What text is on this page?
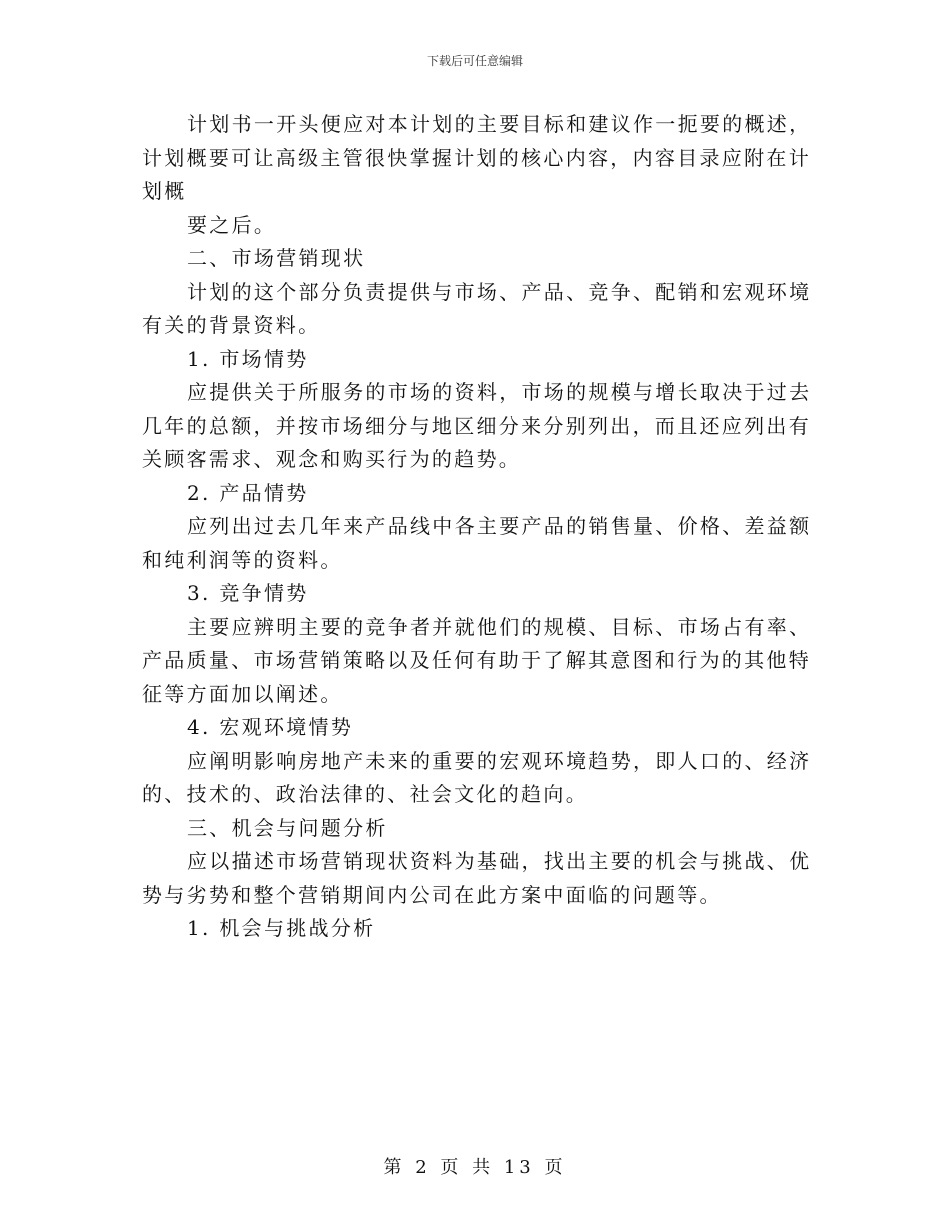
下载后可任意编辑
计划书一开头便应对本计划的主要目标和建议作一扼要的概述，
计划概要可让高级主管很快掌握计划的核心内容，内容目录应附在计
划概
要之后。
二、市场营销现状
计划的这个部分负责提供与市场、产品、竞争、配销和宏观环境
有关的背景资料。
1. 市场情势
应提供关于所服务的市场的资料，市场的规模与增长取决于过去
几年的总额，并按市场细分与地区细分来分别列出，而且还应列出有
关顾客需求、观念和购买行为的趋势。
2. 产品情势
应列出过去几年来产品线中各主要产品的销售量、价格、差益额
和纯利润等的资料。
3. 竞争情势
主要应辨明主要的竞争者并就他们的规模、目标、市场占有率、
产品质量、市场营销策略以及任何有助于了解其意图和行为的其他特
征等方面加以阐述。
4. 宏观环境情势
应阐明影响房地产未来的重要的宏观环境趋势，即人口的、经济
的、技术的、政治法律的、社会文化的趋向。
三、机会与问题分析
应以描述市场营销现状资料为基础，找出主要的机会与挑战、优
势与劣势和整个营销期间内公司在此方案中面临的问题等。
1. 机会与挑战分析
第 2 页 共 13 页
